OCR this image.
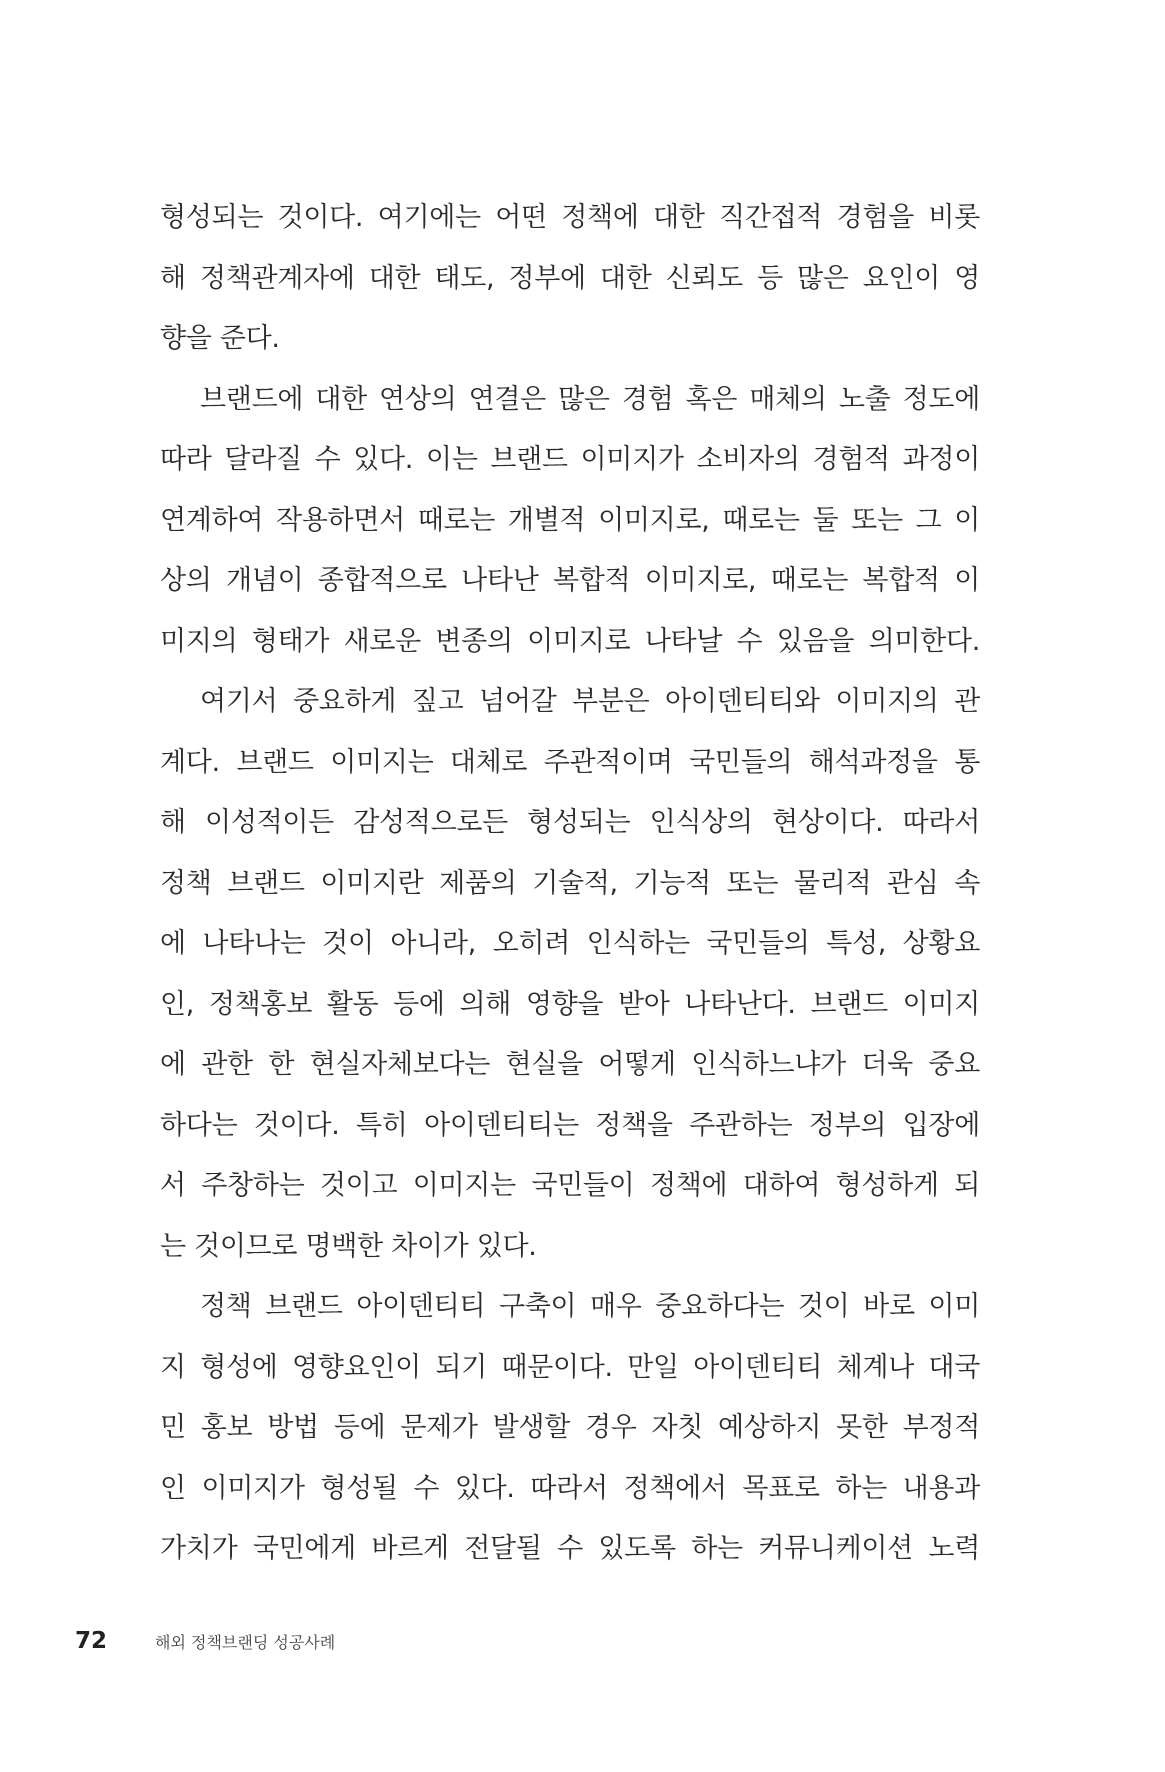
형성되는 것이다. 여기에는 어떤 정책에 대한 직간접적 경험을 비롯
해 정책관계자에 대한 태도, 정부에 대한 신뢰도 등 많은 요인이 영
향을 준다.
브랜드에 대한 연상의 연결은 많은 경험 혹은 매체의 노출 정도에
따라 달라질 수 있다. 이는 브랜드 이미지가 소비자의 경험적 과정이
연계하여 작용하면서 때로는 개별적 이미지로, 때로는 둘 또는 그 이
상의 개념이 종합적으로 나타난 복합적 이미지로, 때로는 복합적 이
미지의 형태가 새로운 변종의 이미지로 나타날 수 있음을 의미한다.
여기서 중요하게 짚고 넘어갈 부분은 아이덴티티와 이미지의 관
계다. 브랜드 이미지는 대체로 주관적이며 국민들의 해석과정을 통
해 이성적이든 감성적으로든 형성되는 인식상의 현상이다. 따라서
정책 브랜드 이미지란 제품의 기술적, 기능적 또는 물리적 관심 속
에 나타나는 것이 아니라, 오히려 인식하는 국민들의 특성, 상황요
인, 정책홍보 활동 등에 의해 영향을 받아 나타난다. 브랜드 이미지
에 관한 한 현실자체보다는 현실을 어떻게 인식하느냐가 더욱 중요
하다는 것이다. 특히 아이덴티티는 정책을 주관하는 정부의 입장에
서 주창하는 것이고 이미지는 국민들이 정책에 대하여 형성하게 되
는 것이므로 명백한 차이가 있다.
정책 브랜드 아이덴티티 구축이 매우 중요하다는 것이 바로 이미
지 형성에 영향요인이 되기 때문이다. 만일 아이덴티티 체계나 대국
민 홍보 방법 등에 문제가 발생할 경우 자칫 예상하지 못한 부정적
인 이미지가 형성될 수 있다. 따라서 정책에서 목표로 하는 내용과
가치가 국민에게 바르게 전달될 수 있도록 하는 커뮤니케이션 노력
72	해외 정책브랜딩 성공사례
